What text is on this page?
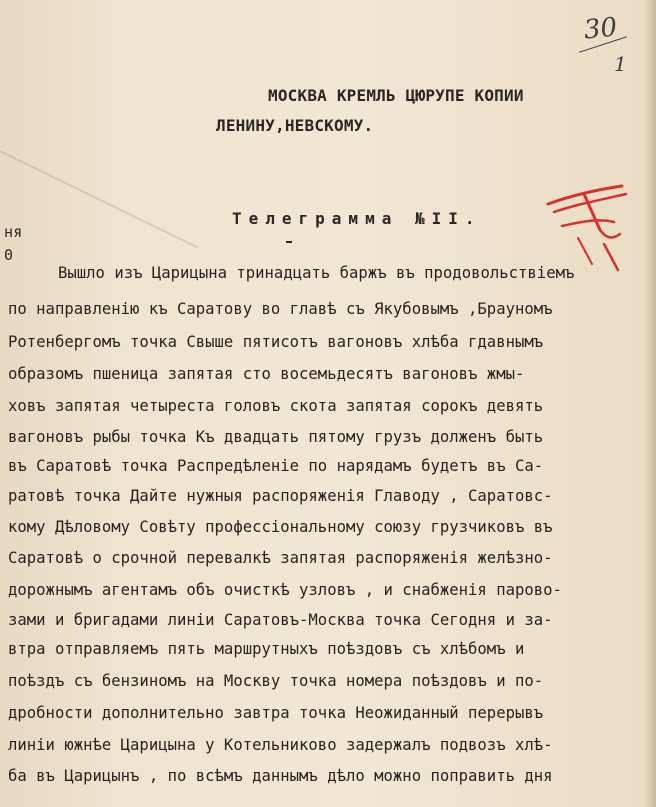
30
1
МОСКВА КРЕМЛЬ ЦЮРУПЕ КОПИИ
ЛЕНИНУ,НЕВСКОМУ.
Телеграмма №II.
ня
0
Вышло изъ Царицына тринадцать баржъ въ продовольствiемъ
по направленiю къ Саратову во главѣ съ Якубовымъ ,Брауномъ
Ротенбергомъ точка Свыше пятисотъ вагоновъ хлѣба гдавнымъ
образомъ пшеница запятая сто восемьдесятъ вагоновъ жмы-
ховъ запятая четыреста головъ скота запятая сорокъ девять
вагоновъ рыбы точка Къ двадцать пятому грузъ долженъ быть
въ Саратовѣ точка Распредѣленiе по нарядамъ будетъ въ Са-
ратовѣ точка Дайте нужныя распоряженiя Главоду , Саратовс-
кому Дѣловому Совѣту профессiональному союзу грузчиковъ въ
Саратовѣ о срочной перевалкѣ запятая распоряженiя желѣзно-
дорожнымъ агентамъ объ очисткѣ узловъ , и снабженiя парово-
зами и бригадами линiи Саратовъ-Москва точка Сегодня и за-
втра отправляемъ пять маршрутныхъ поѣздовъ съ хлѣбомъ и
поѣздъ съ бензиномъ на Москву точка номера поѣздовъ и по-
дробности дополнительно завтра точка Неожиданный перерывъ
линiи южнѣе Царицына у Котельниково задержалъ подвозъ хлѣ-
ба въ Царицынъ , по всѣмъ даннымъ дѣло можно поправить дня
